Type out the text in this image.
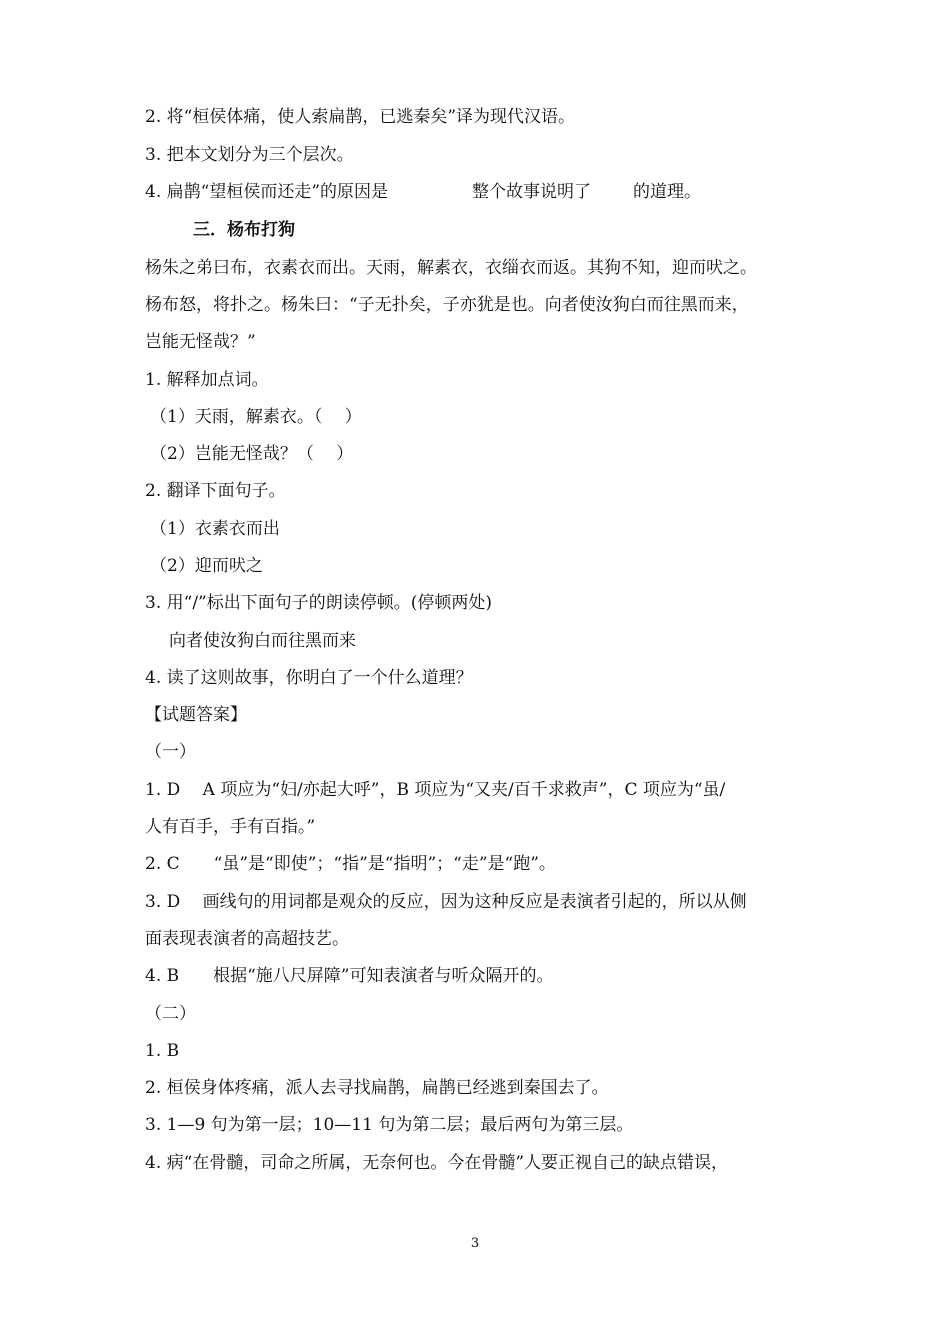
2. 将“桓侯体痛，使人索扁鹊，已逃秦矣”译为现代汉语。
3. 把本文划分为三个层次。
4. 扁鹊“望桓侯而还走”的原因是	整个故事说明了 的道理。
三．杨布打狗
杨朱之弟曰布，衣素衣而出。天雨，解素衣，衣缁衣而返。其狗不知，迎而吠之。
杨布怒，将扑之。杨朱曰：“子无扑矣，子亦犹是也。向者使汝狗白而往黑而来，
岂能无怪哉？”
1. 解释加点词。
（1）天雨，解素衣。（　 ）
（2）岂能无怪哉？（　 ）
2. 翻译下面句子。
（1）衣素衣而出
（2）迎而吠之
3. 用“/”标出下面句子的朗读停顿。(停顿两处)
向者使汝狗白而往黑而来
4. 读了这则故事，你明白了一个什么道理？
【试题答案】
（一）
1. D　 A 项应为“妇/亦起大呼”，B 项应为“又夹/百千求救声”，C 项应为“虽/
人有百手，手有百指。”
2. C　　“虽”是“即使”；“指”是“指明”；“走”是“跑”。
3. D　 画线句的用词都是观众的反应，因为这种反应是表演者引起的，所以从侧
面表现表演者的高超技艺。
4. B　　根据“施八尺屏障”可知表演者与听众隔开的。
（二）
1. B
2. 桓侯身体疼痛，派人去寻找扁鹊，扁鹊已经逃到秦国去了。
3. 1—9 句为第一层；10—11 句为第二层；最后两句为第三层。
4. 病“在骨髓，司命之所属，无奈何也。今在骨髓”人要正视自己的缺点错误，
3
